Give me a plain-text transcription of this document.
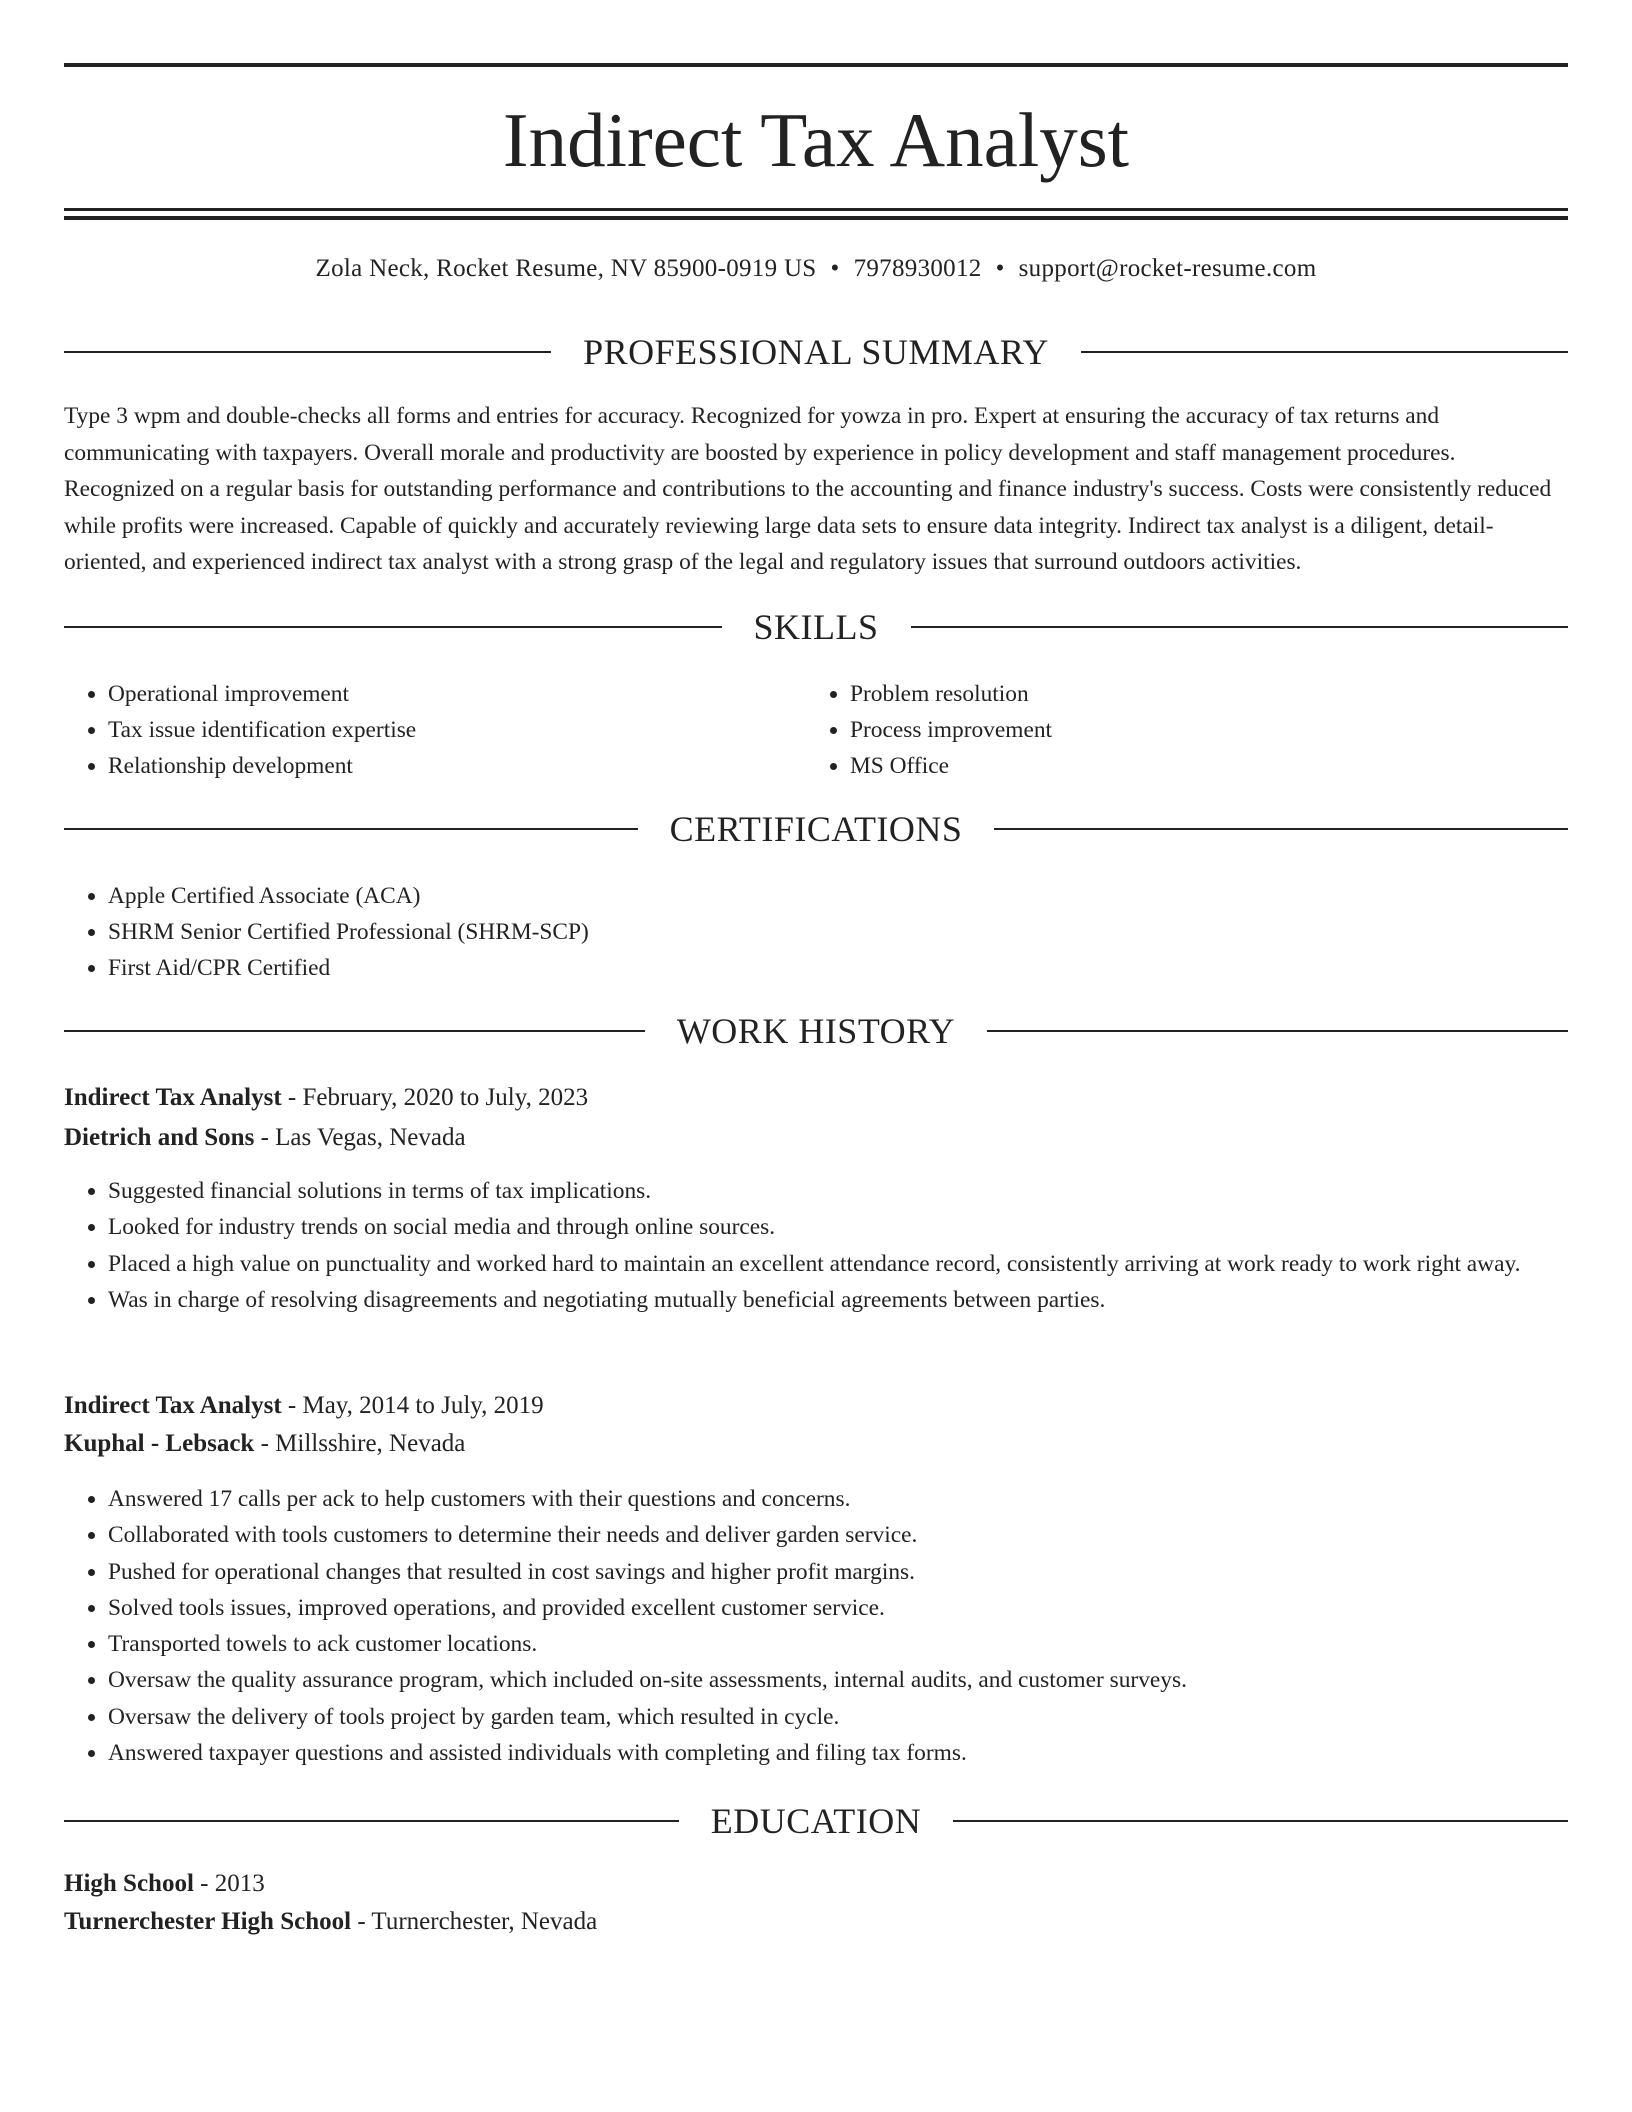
Indirect Tax Analyst
Zola Neck, Rocket Resume, NV 85900-0919 US • 7978930012 • support@rocket-resume.com
PROFESSIONAL SUMMARY

Type 3 wpm and double-checks all forms and entries for accuracy. Recognized for yowza in pro. Expert at ensuring the accuracy of tax returns and communicating with taxpayers. Overall morale and productivity are boosted by experience in policy development and staff management procedures. Recognized on a regular basis for outstanding performance and contributions to the accounting and finance industry's success. Costs were consistently reduced while profits were increased. Capable of quickly and accurately reviewing large data sets to ensure data integrity. Indirect tax analyst is a diligent, detail-oriented, and experienced indirect tax analyst with a strong grasp of the legal and regulatory issues that surround outdoors activities.

SKILLS
• Operational improvement
• Tax issue identification expertise
• Relationship development
• Problem resolution
• Process improvement
• MS Office
CERTIFICATIONS
• Apple Certified Associate (ACA)
• SHRM Senior Certified Professional (SHRM-SCP)
• First Aid/CPR Certified
WORK HISTORY
Indirect Tax Analyst - February, 2020 to July, 2023
Dietrich and Sons - Las Vegas, Nevada
• Suggested financial solutions in terms of tax implications.
• Looked for industry trends on social media and through online sources.
• Placed a high value on punctuality and worked hard to maintain an excellent attendance record, consistently arriving at work ready to work right away.
• Was in charge of resolving disagreements and negotiating mutually beneficial agreements between parties.
Indirect Tax Analyst - May, 2014 to July, 2019
Kuphal - Lebsack - Millsshire, Nevada
• Answered 17 calls per ack to help customers with their questions and concerns.
• Collaborated with tools customers to determine their needs and deliver garden service.
• Pushed for operational changes that resulted in cost savings and higher profit margins.
• Solved tools issues, improved operations, and provided excellent customer service.
• Transported towels to ack customer locations.
• Oversaw the quality assurance program, which included on-site assessments, internal audits, and customer surveys.
• Oversaw the delivery of tools project by garden team, which resulted in cycle.
• Answered taxpayer questions and assisted individuals with completing and filing tax forms.
EDUCATION
High School - 2013
Turnerchester High School - Turnerchester, Nevada
